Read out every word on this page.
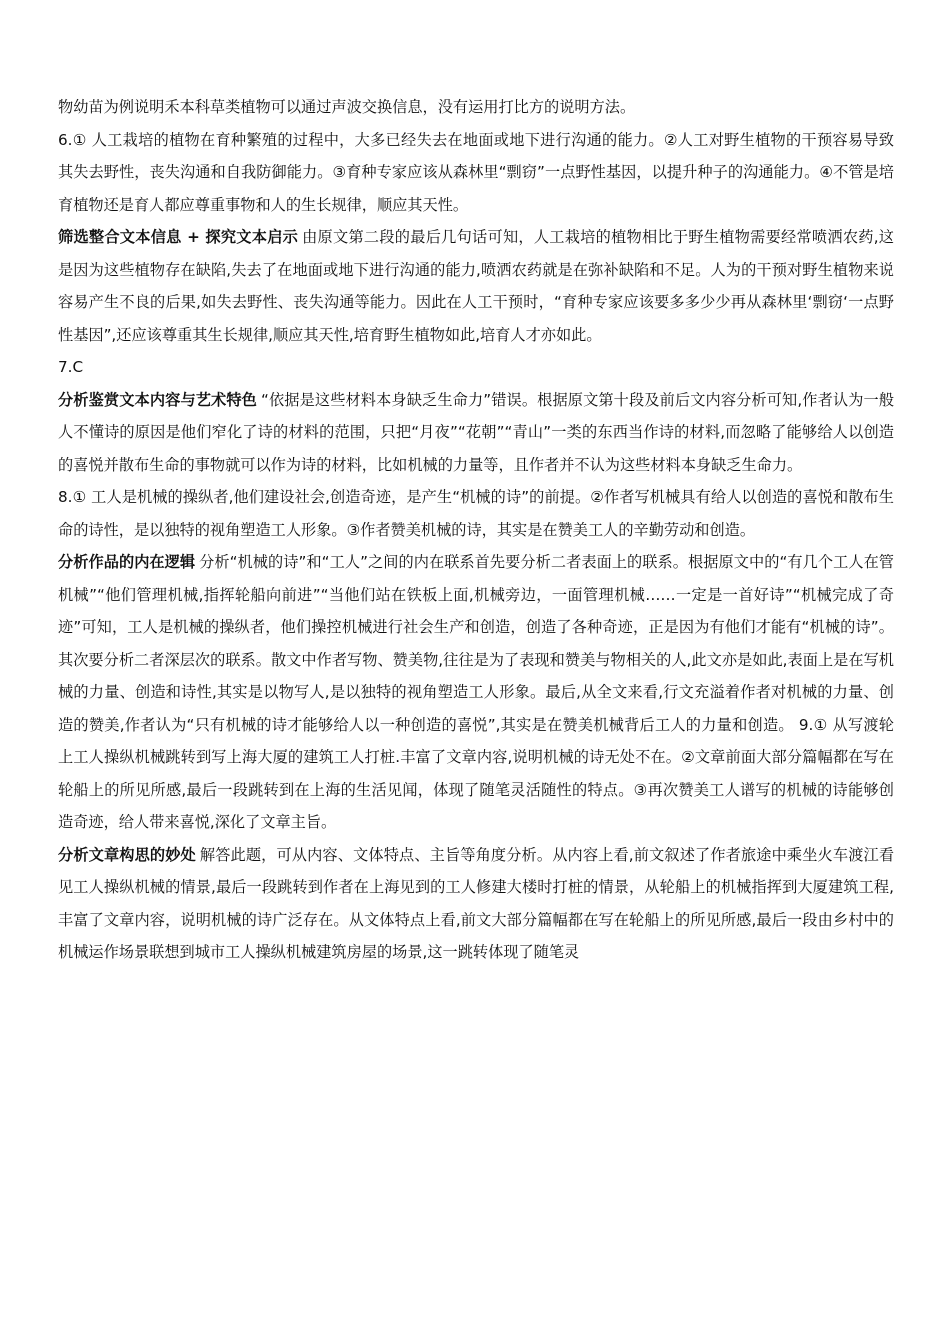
物幼苗为例说明禾本科草类植物可以通过声波交换信息，没有运用打比方的说明方法。

6.① 人工栽培的植物在育种繁殖的过程中，大多已经失去在地面或地下进行沟通的能力。②人工对野生植物的干预容易导致其失去野性，丧失沟通和自我防御能力。③育种专家应该从森林里“剽窃”一点野性基因，以提升种子的沟通能力。④不管是培育植物还是育人都应尊重事物和人的生长规律，顺应其天性。

筛选整合文本信息 + 探究文本启示 由原文第二段的最后几句话可知，人工栽培的植物相比于野生植物需要经常喷洒农药,这是因为这些植物存在缺陷,失去了在地面或地下进行沟通的能力,喷洒农药就是在弥补缺陷和不足。人为的干预对野生植物来说容易产生不良的后果,如失去野性、丧失沟通等能力。因此在人工干预时，“育种专家应该要多多少少再从森林里‘剽窃‘一点野性基因”,还应该尊重其生长规律,顺应其天性,培育野生植物如此,培育人才亦如此。

7.C

分析鉴赏文本内容与艺术特色 “依据是这些材料本身缺乏生命力”错误。根据原文第十段及前后文内容分析可知,作者认为一般人不懂诗的原因是他们窄化了诗的材料的范围，只把“月夜”“花朝”“青山”一类的东西当作诗的材料,而忽略了能够给人以创造的喜悦并散布生命的事物就可以作为诗的材料，比如机械的力量等，且作者并不认为这些材料本身缺乏生命力。

8.① 工人是机械的操纵者,他们建设社会,创造奇迹，是产生“机械的诗”的前提。②作者写机械具有给人以创造的喜悦和散布生命的诗性，是以独特的视角塑造工人形象。③作者赞美机械的诗，其实是在赞美工人的辛勤劳动和创造。

分析作品的内在逻辑 分析“机械的诗”和“工人”之间的内在联系首先要分析二者表面上的联系。根据原文中的“有几个工人在管机械”“他们管理机械,指挥轮船向前进”“当他们站在铁板上面,机械旁边，一面管理机械……一定是一首好诗”“机械完成了奇迹”可知，工人是机械的操纵者，他们操控机械进行社会生产和创造，创造了各种奇迹，正是因为有他们才能有“机械的诗”。其次要分析二者深层次的联系。散文中作者写物、赞美物,往往是为了表现和赞美与物相关的人,此文亦是如此,表面上是在写机械的力量、创造和诗性,其实是以物写人,是以独特的视角塑造工人形象。最后,从全文来看,行文充溢着作者对机械的力量、创造的赞美,作者认为“只有机械的诗才能够给人以一种创造的喜悦”,其实是在赞美机械背后工人的力量和创造。 9.① 从写渡轮上工人操纵机械跳转到写上海大厦的建筑工人打桩.丰富了文章内容,说明机械的诗无处不在。②文章前面大部分篇幅都在写在轮船上的所见所感,最后一段跳转到在上海的生活见闻，体现了随笔灵活随性的特点。③再次赞美工人谱写的机械的诗能够创造奇迹，给人带来喜悦,深化了文章主旨。

分析文章构思的妙处 解答此题，可从内容、文体特点、主旨等角度分析。从内容上看,前文叙述了作者旅途中乘坐火车渡江看见工人操纵机械的情景,最后一段跳转到作者在上海见到的工人修建大楼时打桩的情景，从轮船上的机械指挥到大厦建筑工程,丰富了文章内容，说明机械的诗广泛存在。从文体特点上看,前文大部分篇幅都在写在轮船上的所见所感,最后一段由乡村中的机械运作场景联想到城市工人操纵机械建筑房屋的场景,这一跳转体现了随笔灵
